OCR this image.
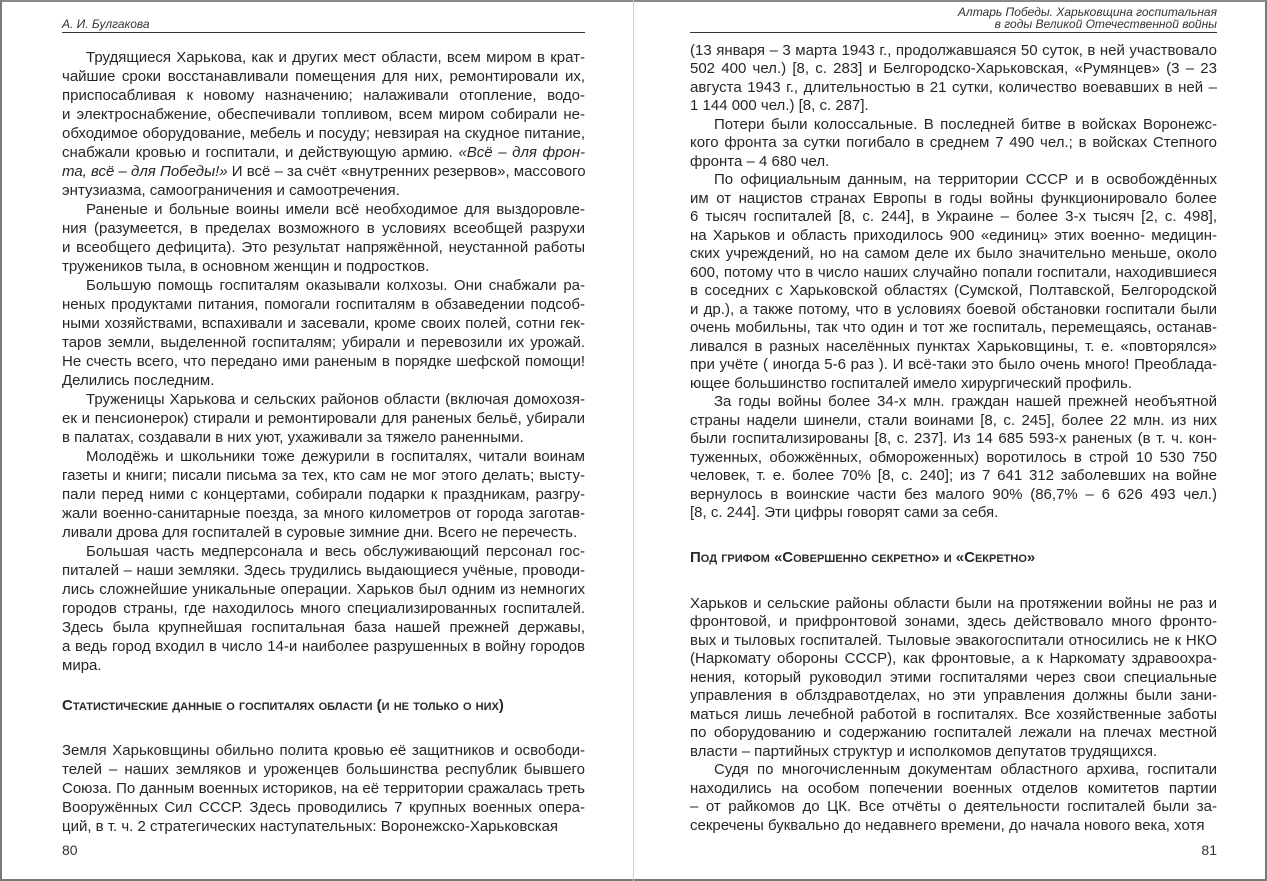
А. И. Булгакова
Статистические данные о госпиталях области (и не только о них)
80
Трудящиеся Харькова, как и других мест области, всем миром в крат-
чайшие сроки восстанавливали помещения для них, ремонтировали их,
приспосабливая к новому назначению; налаживали отопление, водо-
и электроснабжение, обеспечивали топливом, всем миром собирали не-
обходимое оборудование, мебель и посуду; невзирая на скудное питание,
снабжали кровью и госпитали, и действующую армию. «Всё – для фрон-
та, всё – для Победы!» И всё – за счёт «внутренних резервов», массового
энтузиазма, самоограничения и самоотречения.
Раненые и больные воины имели всё необходимое для выздоровле-
ния (разумеется, в пределах возможного в условиях всеобщей разрухи
и всеобщего дефицита). Это результат напряжённой, неустанной работы
тружеников тыла, в основном женщин и подростков.
Большую помощь госпиталям оказывали колхозы. Они снабжали ра-
неных продуктами питания, помогали госпиталям в обзаведении подсоб-
ными хозяйствами, вспахивали и засевали, кроме своих полей, сотни гек-
таров земли, выделенной госпиталям; убирали и перевозили их урожай.
Не счесть всего, что передано ими раненым в порядке шефской помощи!
Делились последним.
Труженицы Харькова и сельских районов области (включая домохозя-
ек и пенсионерок) стирали и ремонтировали для раненых бельё, убирали
в палатах, создавали в них уют, ухаживали за тяжело раненными.
Молодёжь и школьники тоже дежурили в госпиталях, читали воинам
газеты и книги; писали письма за тех, кто сам не мог этого делать; высту-
пали перед ними с концертами, собирали подарки к праздникам, разгру-
жали военно-санитарные поезда, за много километров от города заготав-
ливали дрова для госпиталей в суровые зимние дни. Всего не перечесть.
Большая часть медперсонала и весь обслуживающий персонал гос-
питалей – наши земляки. Здесь трудились выдающиеся учёные, проводи-
лись сложнейшие уникальные операции. Харьков был одним из немногих
городов страны, где находилось много специализированных госпиталей.
Здесь была крупнейшая госпитальная база нашей прежней державы,
а ведь город входил в число 14-и наиболее разрушенных в войну городов
мира.
Земля Харьковщины обильно полита кровью её защитников и освободи-
телей – наших земляков и уроженцев большинства республик бывшего
Союза. По данным военных историков, на её территории сражалась треть
Вооружённых Сил СССР. Здесь проводились 7 крупных военных опера-
ций, в т. ч. 2 стратегических наступательных: Воронежско-Харьковская
Алтарь Победы. Харьковщина госпитальная
в годы Великой Отечественной войны
Под грифом «Совершенно секретно» и «Секретно»
81
(13 января – 3 марта 1943 г., продолжавшаяся 50 суток, в ней участвовало
502 400 чел.) [8, с. 283] и Белгородско-Харьковская, «Румянцев» (3 – 23
августа 1943 г., длительностью в 21 сутки, количество воевавших в ней –
1 144 000 чел.) [8, с. 287].
Потери были колоссальные. В последней битве в войсках Воронежс-
кого фронта за сутки погибало в среднем 7 490 чел.; в войсках Степного
фронта – 4 680 чел.
По официальным данным, на территории СССР и в освобождённых
им от нацистов странах Европы в годы войны функционировало более
6 тысяч госпиталей [8, с. 244], в Украине – более 3-х тысяч [2, с. 498],
на Харьков и область приходилось 900 «единиц» этих военно- медицин-
ских учреждений, но на самом деле их было значительно меньше, около
600, потому что в число наших случайно попали госпитали, находившиеся
в соседних с Харьковской областях (Сумской, Полтавской, Белгородской
и др.), а также потому, что в условиях боевой обстановки госпитали были
очень мобильны, так что один и тот же госпиталь, перемещаясь, останав-
ливался в разных населённых пунктах Харьковщины, т. е. «повторялся»
при учёте ( иногда 5-6 раз ). И всё-таки это было очень много! Преоблада-
ющее большинство госпиталей имело хирургический профиль.
За годы войны более 34-х млн. граждан нашей прежней необъятной
страны надели шинели, стали воинами [8, с. 245], более 22 млн. из них
были госпитализированы [8, с. 237]. Из 14 685 593-х раненых (в т. ч. кон-
туженных, обожжённых, обмороженных) воротилось в строй 10 530 750
человек, т. е. более 70% [8, с. 240]; из 7 641 312 заболевших на войне
вернулось в воинские части без малого 90% (86,7% – 6 626 493 чел.)
[8, с. 244]. Эти цифры говорят сами за себя.
Харьков и сельские районы области были на протяжении войны не раз и
фронтовой, и прифронтовой зонами, здесь действовало много фронто-
вых и тыловых госпиталей. Тыловые эвакогоспитали относились не к НКО
(Наркомату обороны СССР), как фронтовые, а к Наркомату здравоохра-
нения, который руководил этими госпиталями через свои специальные
управления в облздравотделах, но эти управления должны были зани-
маться лишь лечебной работой в госпиталях. Все хозяйственные заботы
по оборудованию и содержанию госпиталей лежали на плечах местной
власти – партийных структур и исполкомов депутатов трудящихся.
Судя по многочисленным документам областного архива, госпитали
находились на особом попечении военных отделов комитетов партии
– от райкомов до ЦК. Все отчёты о деятельности госпиталей были за-
секречены буквально до недавнего времени, до начала нового века, хотя
